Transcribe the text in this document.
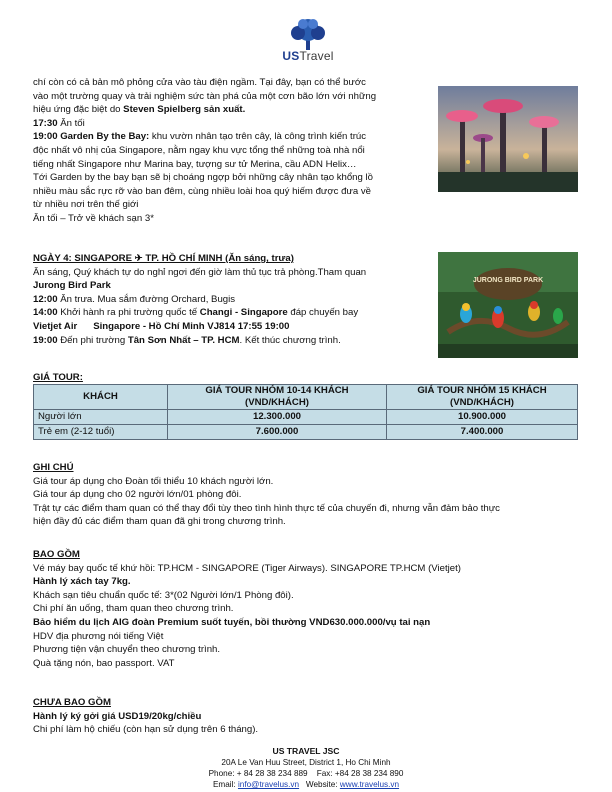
USTravel

chí còn có cả bản mô phỏng cửa vào tàu điện ngầm. Tại đây, bạn có thể bước

vào một trường quay và trải nghiệm sức tàn phá của một cơn bão lớn với những

hiệu ứng đặc biệt do Steven Spielberg sản xuất.

17:30 Ăn tối

19:00 Garden By the Bay: khu vườn nhân tạo trên cây, là công trình kiến trúc

độc nhất vô nhị của Singapore, nằm ngay khu vực tổng thể những toà nhà nổi

tiếng nhất Singapore như Marina bay, tượng sư tử Merina, cầu ADN Helix…

Tới Garden by the bay bạn sẽ bị choáng ngợp bởi những cây nhân tạo khổng lồ

nhiều màu sắc rực rỡ vào ban đêm, cùng nhiều loài hoa quý hiếm được đưa về

từ nhiều nơi trên thế giới

Ăn tối – Trở về khách sạn 3*

NGÀY 4: SINGAPORE ✈ TP. HỒ CHÍ MINH (Ăn sáng, trưa)

Ăn sáng, Quý khách tự do nghỉ ngơi đến giờ làm thủ tục trả phòng.Tham quan

Jurong Bird Park

12:00 Ăn trưa. Mua sắm đường Orchard, Bugis

14:00 Khởi hành ra phi trường quốc tế Changi - Singapore đáp chuyến bay

Vietjet Air      Singapore - Hồ Chí Minh VJ814 17:55 19:00

19:00 Đến phi trường Tân Sơn Nhất – TP. HCM. Kết thúc chương trình.

JURONG BIRD PARK
GIÁ TOUR:
KHÁCH	GIÁ TOUR NHÓM 10-14 KHÁCH
(VND/KHÁCH)	GIÁ TOUR NHÓM 15 KHÁCH
(VND/KHÁCH)
Người lớn	12.300.000	10.900.000
Trẻ em (2-12 tuổi)	7.600.000	7.400.000

GHI CHÚ

Giá tour áp dụng cho Đoàn tối thiểu 10 khách người lớn.

Giá tour áp dụng cho 02 người lớn/01 phòng đôi.

Trật tự các điểm tham quan có thể thay đổi tùy theo tình hình thực tế của chuyến đi, nhưng vẫn đảm bảo thực

hiện đầy đủ các điểm tham quan đã ghi trong chương trình.

BAO GỒM

Vé máy bay quốc tế khứ hồi: TP.HCM - SINGAPORE (Tiger Airways). SINGAPORE TP.HCM (Vietjet)

Hành lý xách tay 7kg.

Khách sạn tiêu chuẩn quốc tế: 3*(02 Người lớn/1 Phòng đôi).

Chi phí ăn uống, tham quan theo chương trình.

Bảo hiểm du lịch AIG đoàn Premium suốt tuyến, bồi thường VND630.000.000/vụ tai nạn

HDV địa phương nói tiếng Việt

Phương tiện vận chuyển theo chương trình.

Quà tặng nón, bao passport. VAT

CHƯA BAO GỒM

Hành lý ký gởi giá USD19/20kg/chiều

Chi phí làm hộ chiếu (còn hạn sử dụng trên 6 tháng).

US TRAVEL JSC
20A Le Van Huu Street, District 1, Ho Chi Minh
Phone: + 84 28 38 234 889    Fax: +84 28 38 234 890
Email: info@travelus.vn   Website: www.travelus.vn
